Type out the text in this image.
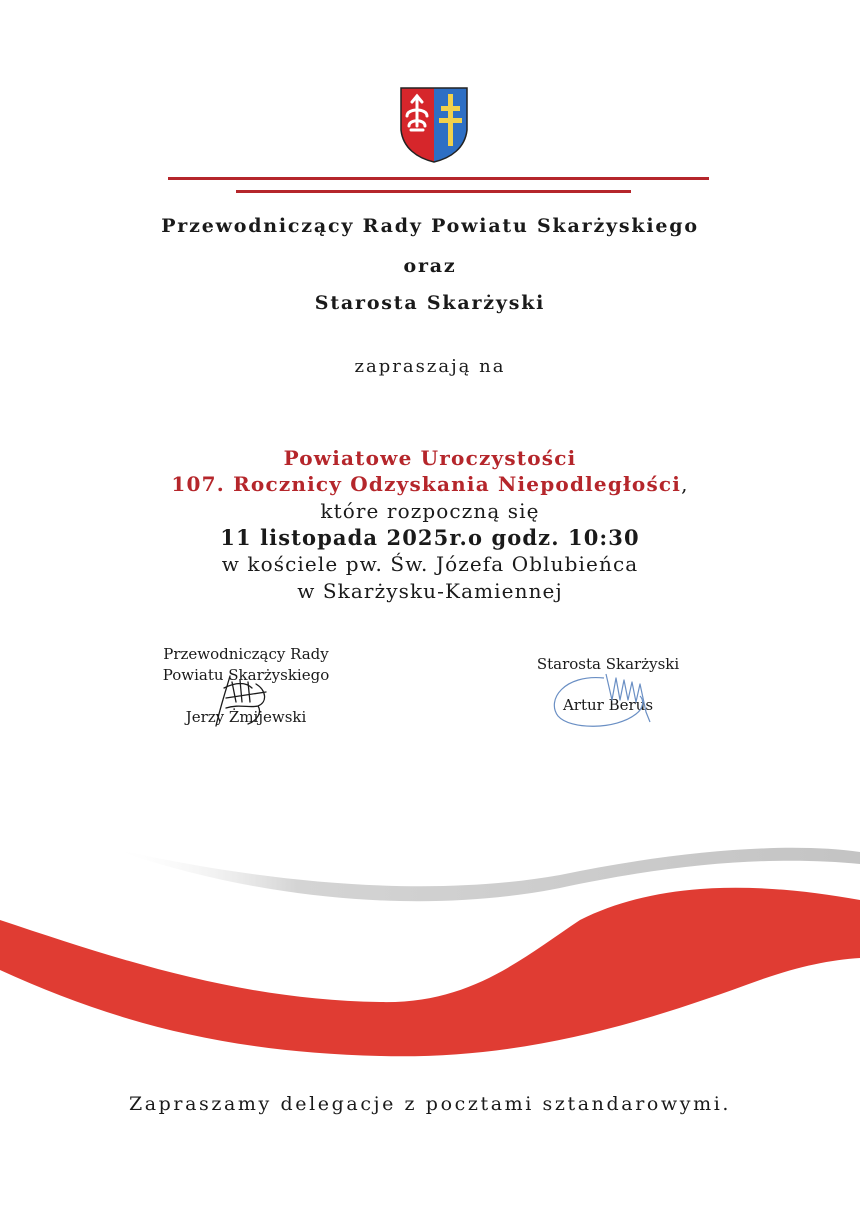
Przewodniczący Rady Powiatu Skarżyskiego
oraz
Starosta Skarżyski
zapraszają na
Powiatowe Uroczystości
107. Rocznicy Odzyskania Niepodległości,
które rozpoczną się
11 listopada 2025r.o godz. 10:30
w kościele pw. Św. Józefa Oblubieńca
w Skarżysku-Kamiennej
Przewodniczący Rady
Powiatu Skarżyskiego
Jerzy Żmijewski
Starosta Skarżyski
Artur Berus
Zapraszamy delegacje z pocztami sztandarowymi.
